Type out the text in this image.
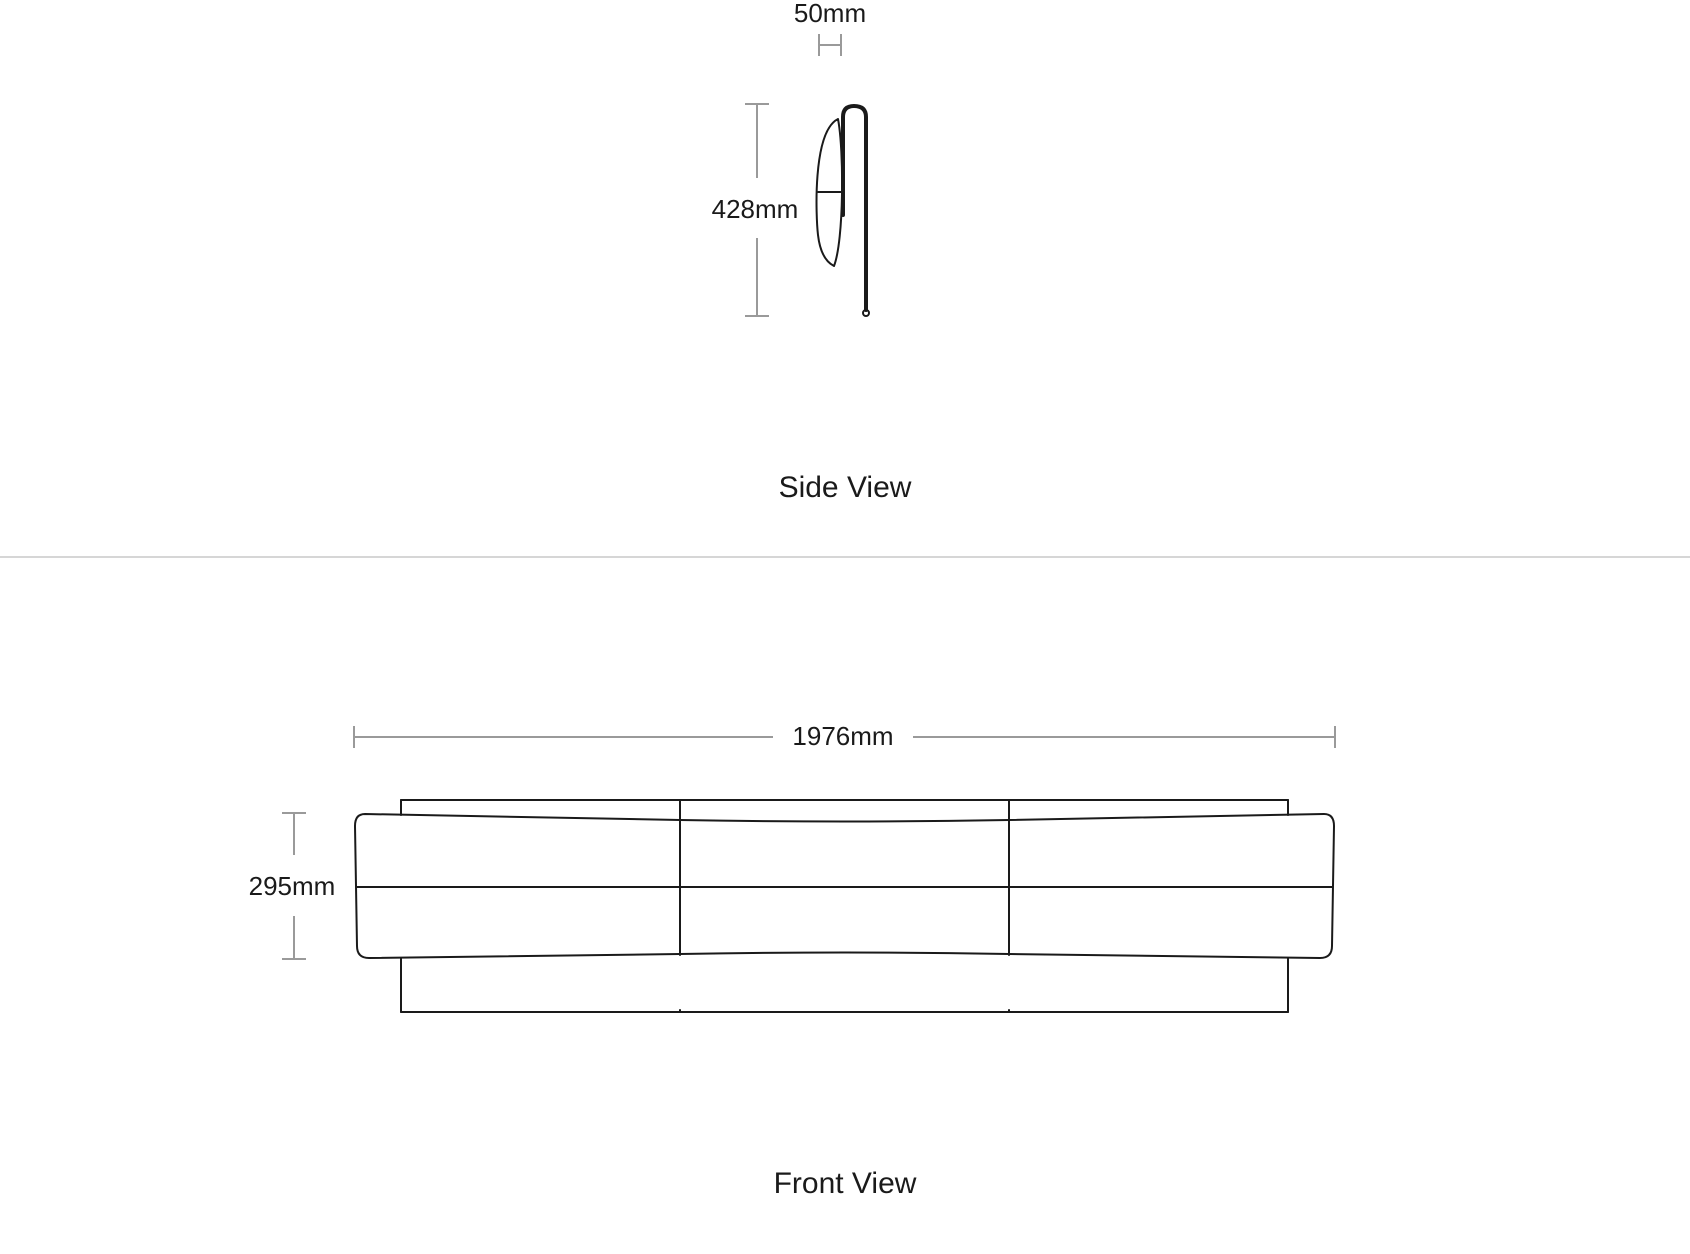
50mm
428mm
Side View
1976mm
295mm
Front View
